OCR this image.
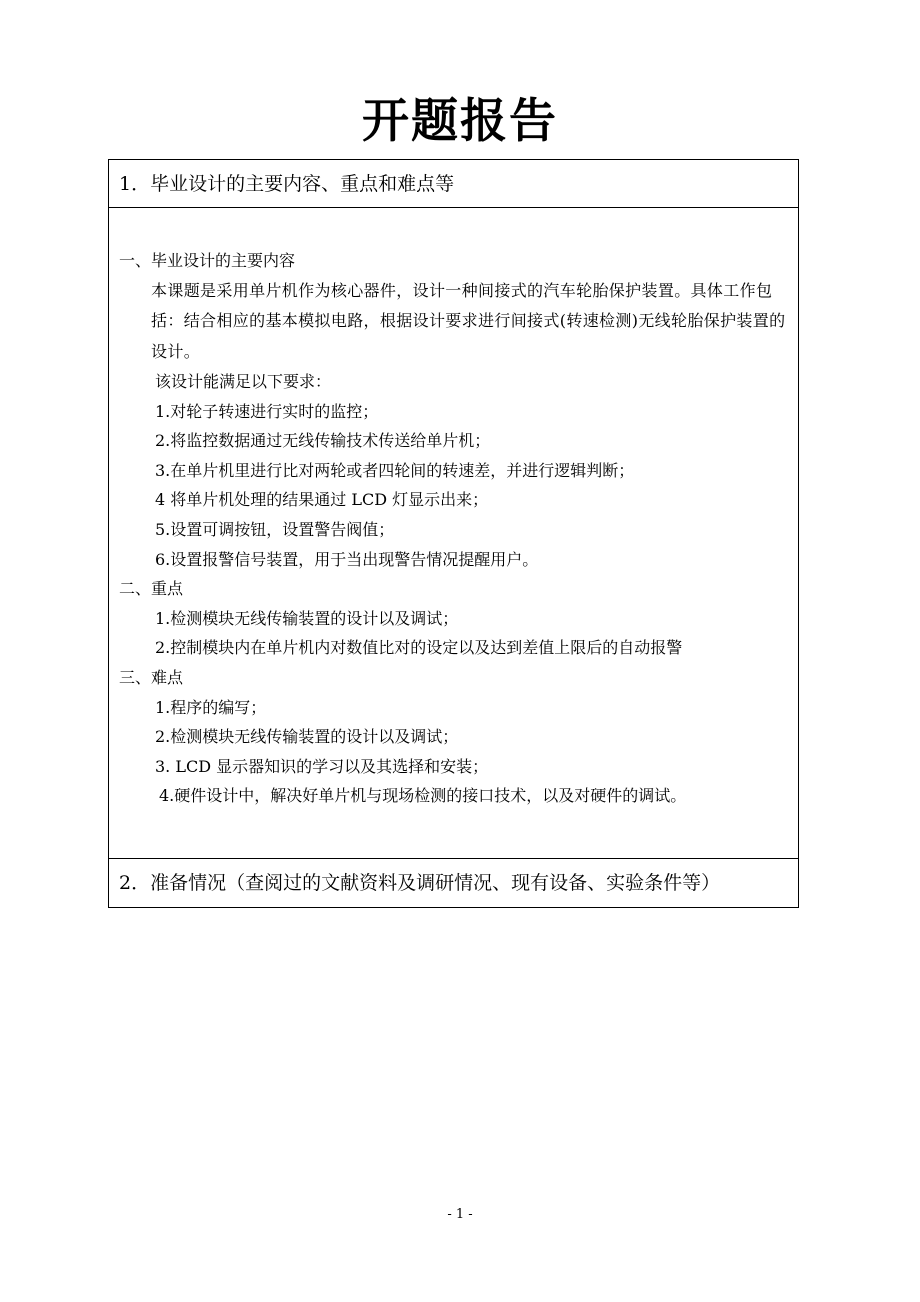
开题报告
1．毕业设计的主要内容、重点和难点等
一、毕业设计的主要内容
本课题是采用单片机作为核心器件，设计一种间接式的汽车轮胎保护装置。具体工作包括：结合相应的基本模拟电路，根据设计要求进行间接式(转速检测)无线轮胎保护装置的设计。
该设计能满足以下要求：
1.对轮子转速进行实时的监控；
2.将监控数据通过无线传输技术传送给单片机；
3.在单片机里进行比对两轮或者四轮间的转速差，并进行逻辑判断；
4 将单片机处理的结果通过 LCD 灯显示出来；
5.设置可调按钮，设置警告阀值；
6.设置报警信号装置，用于当出现警告情况提醒用户。
二、重点
1.检测模块无线传输装置的设计以及调试；
2.控制模块内在单片机内对数值比对的设定以及达到差值上限后的自动报警
三、难点
1.程序的编写；
2.检测模块无线传输装置的设计以及调试；
3. LCD 显示器知识的学习以及其选择和安装；
4.硬件设计中，解决好单片机与现场检测的接口技术，以及对硬件的调试。
2．准备情况（查阅过的文献资料及调研情况、现有设备、实验条件等）
- 1 -
